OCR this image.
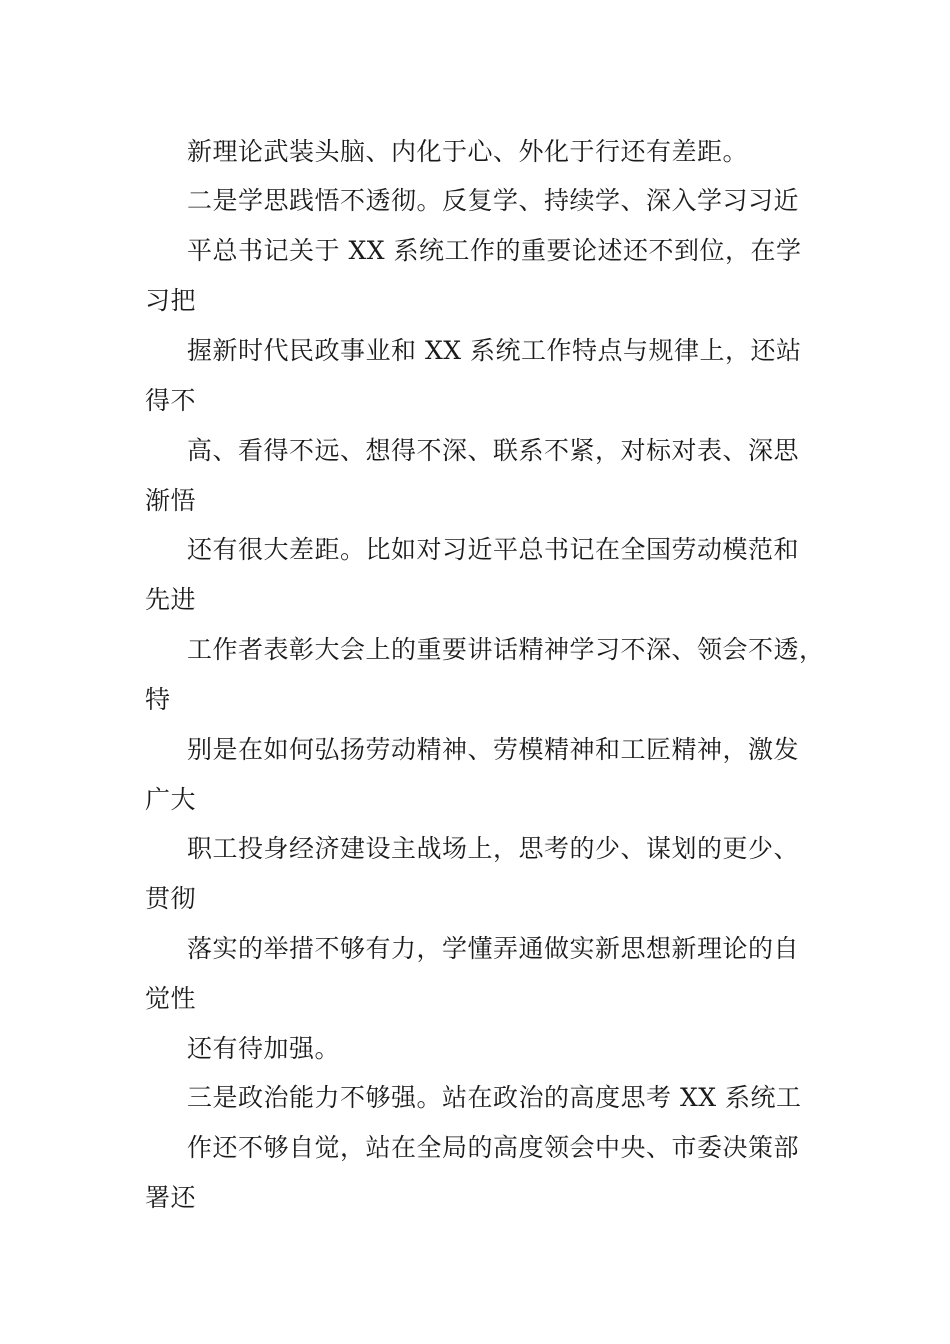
新理论武装头脑、内化于心、外化于行还有差距。
二是学思践悟不透彻。反复学、持续学、深入学习习近
平总书记关于 XX 系统工作的重要论述还不到位，在学
习把
握新时代民政事业和 XX 系统工作特点与规律上，还站
得不
高、看得不远、想得不深、联系不紧，对标对表、深思
渐悟
还有很大差距。比如对习近平总书记在全国劳动模范和
先进
工作者表彰大会上的重要讲话精神学习不深、领会不透，
特
别是在如何弘扬劳动精神、劳模精神和工匠精神，激发
广大
职工投身经济建设主战场上，思考的少、谋划的更少、
贯彻
落实的举措不够有力，学懂弄通做实新思想新理论的自
觉性
还有待加强。
三是政治能力不够强。站在政治的高度思考 XX 系统工
作还不够自觉，站在全局的高度领会中央、市委决策部
署还
